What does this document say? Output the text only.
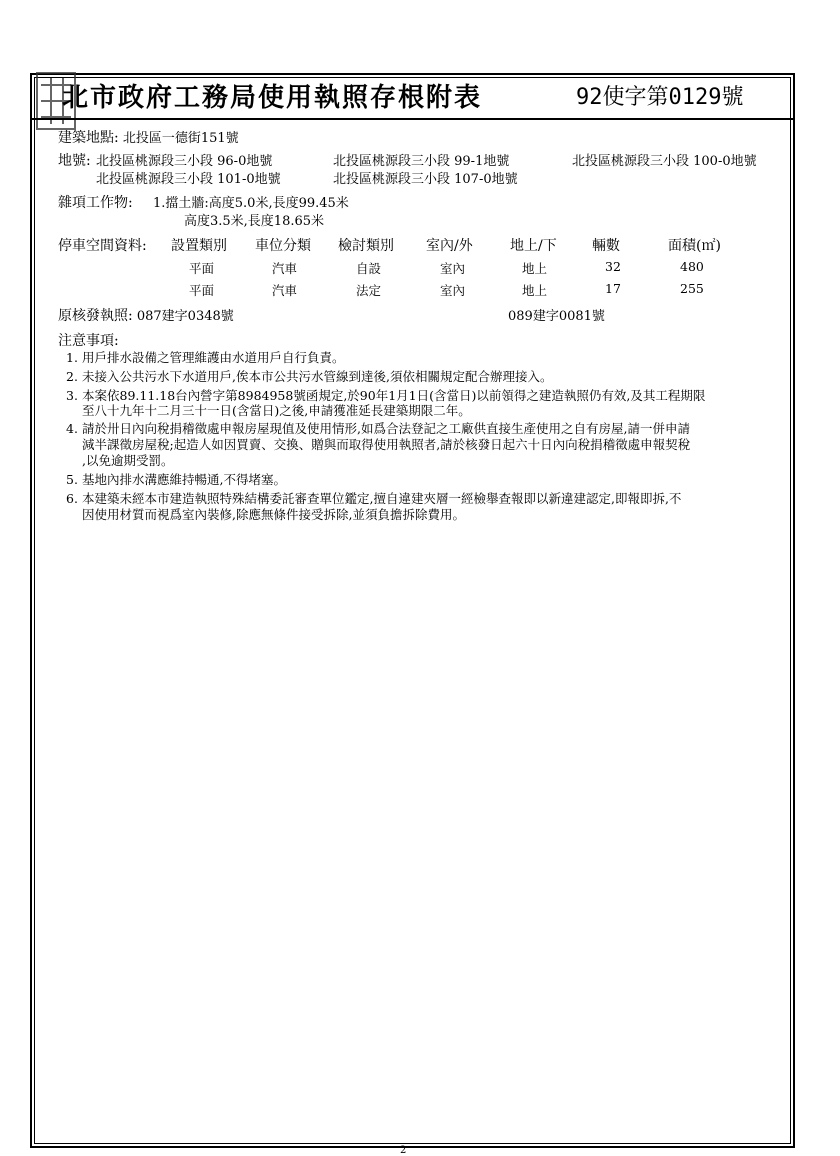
北市政府工務局使用執照存根附表	92使字第0129號
建築地點: 北投區一德街151號
地號: 北投區桃源段三小段 96-0地號	北投區桃源段三小段 99-1地號	北投區桃源段三小段 100-0地號
北投區桃源段三小段 101-0地號	北投區桃源段三小段 107-0地號
雜項工作物: 1.擋土牆:高度5.0米,長度99.45米
高度3.5米,長度18.65米
停車空間資料: 設置類別 車位分類 檢討類別 室內/外	地上/下	輛數	面積(㎡)
平面	汽車	自設	室內	地上	32	480
平面	汽車	法定	室內	地上	17	255
原核發執照: 087建字0348號	089建字0081號
注意事項:
1. 用戶排水設備之管理維護由水道用戶自行負責。
2. 未接入公共污水下水道用戶,俟本市公共污水管線到達後,須依相關規定配合辦理接入。
3. 本案依89.11.18台內營字第8984958號函規定,於90年1月1日(含當日)以前領得之建造執照仍有效,及其工程期限
至八十九年十二月三十一日(含當日)之後,申請獲准延長建築期限二年。
4. 請於卅日內向稅捐稽徵處申報房屋現值及使用情形,如爲合法登記之工廠供直接生產使用之自有房屋,請一併申請
減半課徵房屋稅;起造人如因買賣、交換、贈與而取得使用執照者,請於核發日起六十日內向稅捐稽徵處申報契稅
,以免逾期受罰。
5. 基地內排水溝應維持暢通,不得堵塞。
6. 本建築未經本市建造執照特殊結構委託審查單位鑑定,擅自違建夾層一經檢舉查報即以新違建認定,即報即拆,不
因使用材質而視爲室內裝修,除應無條件接受拆除,並須負擔拆除費用。
2
